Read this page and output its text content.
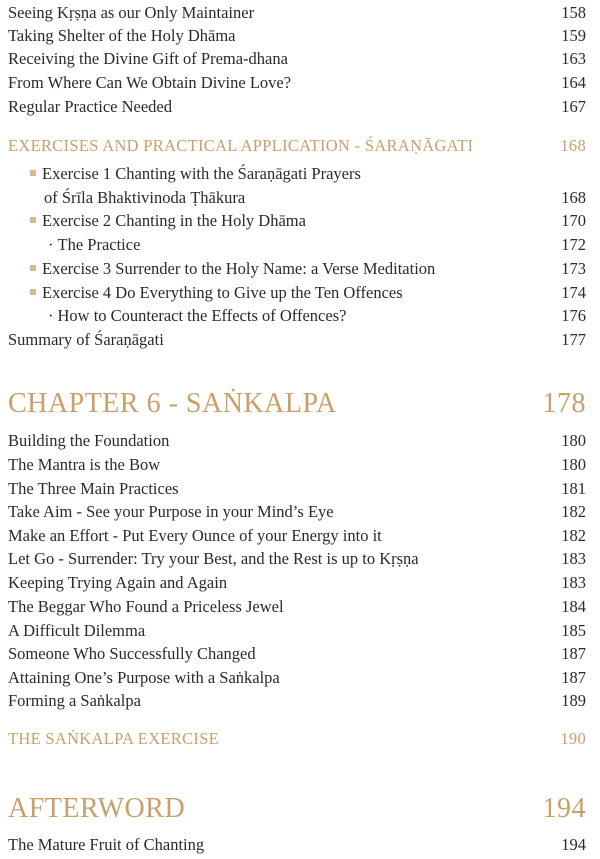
Seeing Kṛṣṇa as our Only Maintainer	158
Taking Shelter of the Holy Dhāma	159
Receiving the Divine Gift of Prema-dhana	163
From Where Can We Obtain Divine Love?	164
Regular Practice Needed	167
EXERCISES AND PRACTICAL APPLICATION - ŚARAṆĀGATI	168
Exercise 1 Chanting with the Śaraṇāgati Prayers
of Śrīla Bhaktivinoda Ṭhākura	168
Exercise 2 Chanting in the Holy Dhāma	170
· The Practice	172
Exercise 3 Surrender to the Holy Name: a Verse Meditation	173
Exercise 4 Do Everything to Give up the Ten Offences	174
· How to Counteract the Effects of Offences?	176
Summary of Śaraṇāgati	177
CHAPTER 6 - SAṄKALPA	178
Building the Foundation	180
The Mantra is the Bow	180
The Three Main Practices	181
Take Aim - See your Purpose in your Mind’s Eye	182
Make an Effort - Put Every Ounce of your Energy into it	182
Let Go - Surrender: Try your Best, and the Rest is up to Kṛṣṇa	183
Keeping Trying Again and Again	183
The Beggar Who Found a Priceless Jewel	184
A Difficult Dilemma	185
Someone Who Successfully Changed	187
Attaining One’s Purpose with a Saṅkalpa	187
Forming a Saṅkalpa	189
THE SAṄKALPA EXERCISE	190
AFTERWORD	194
The Mature Fruit of Chanting	194
